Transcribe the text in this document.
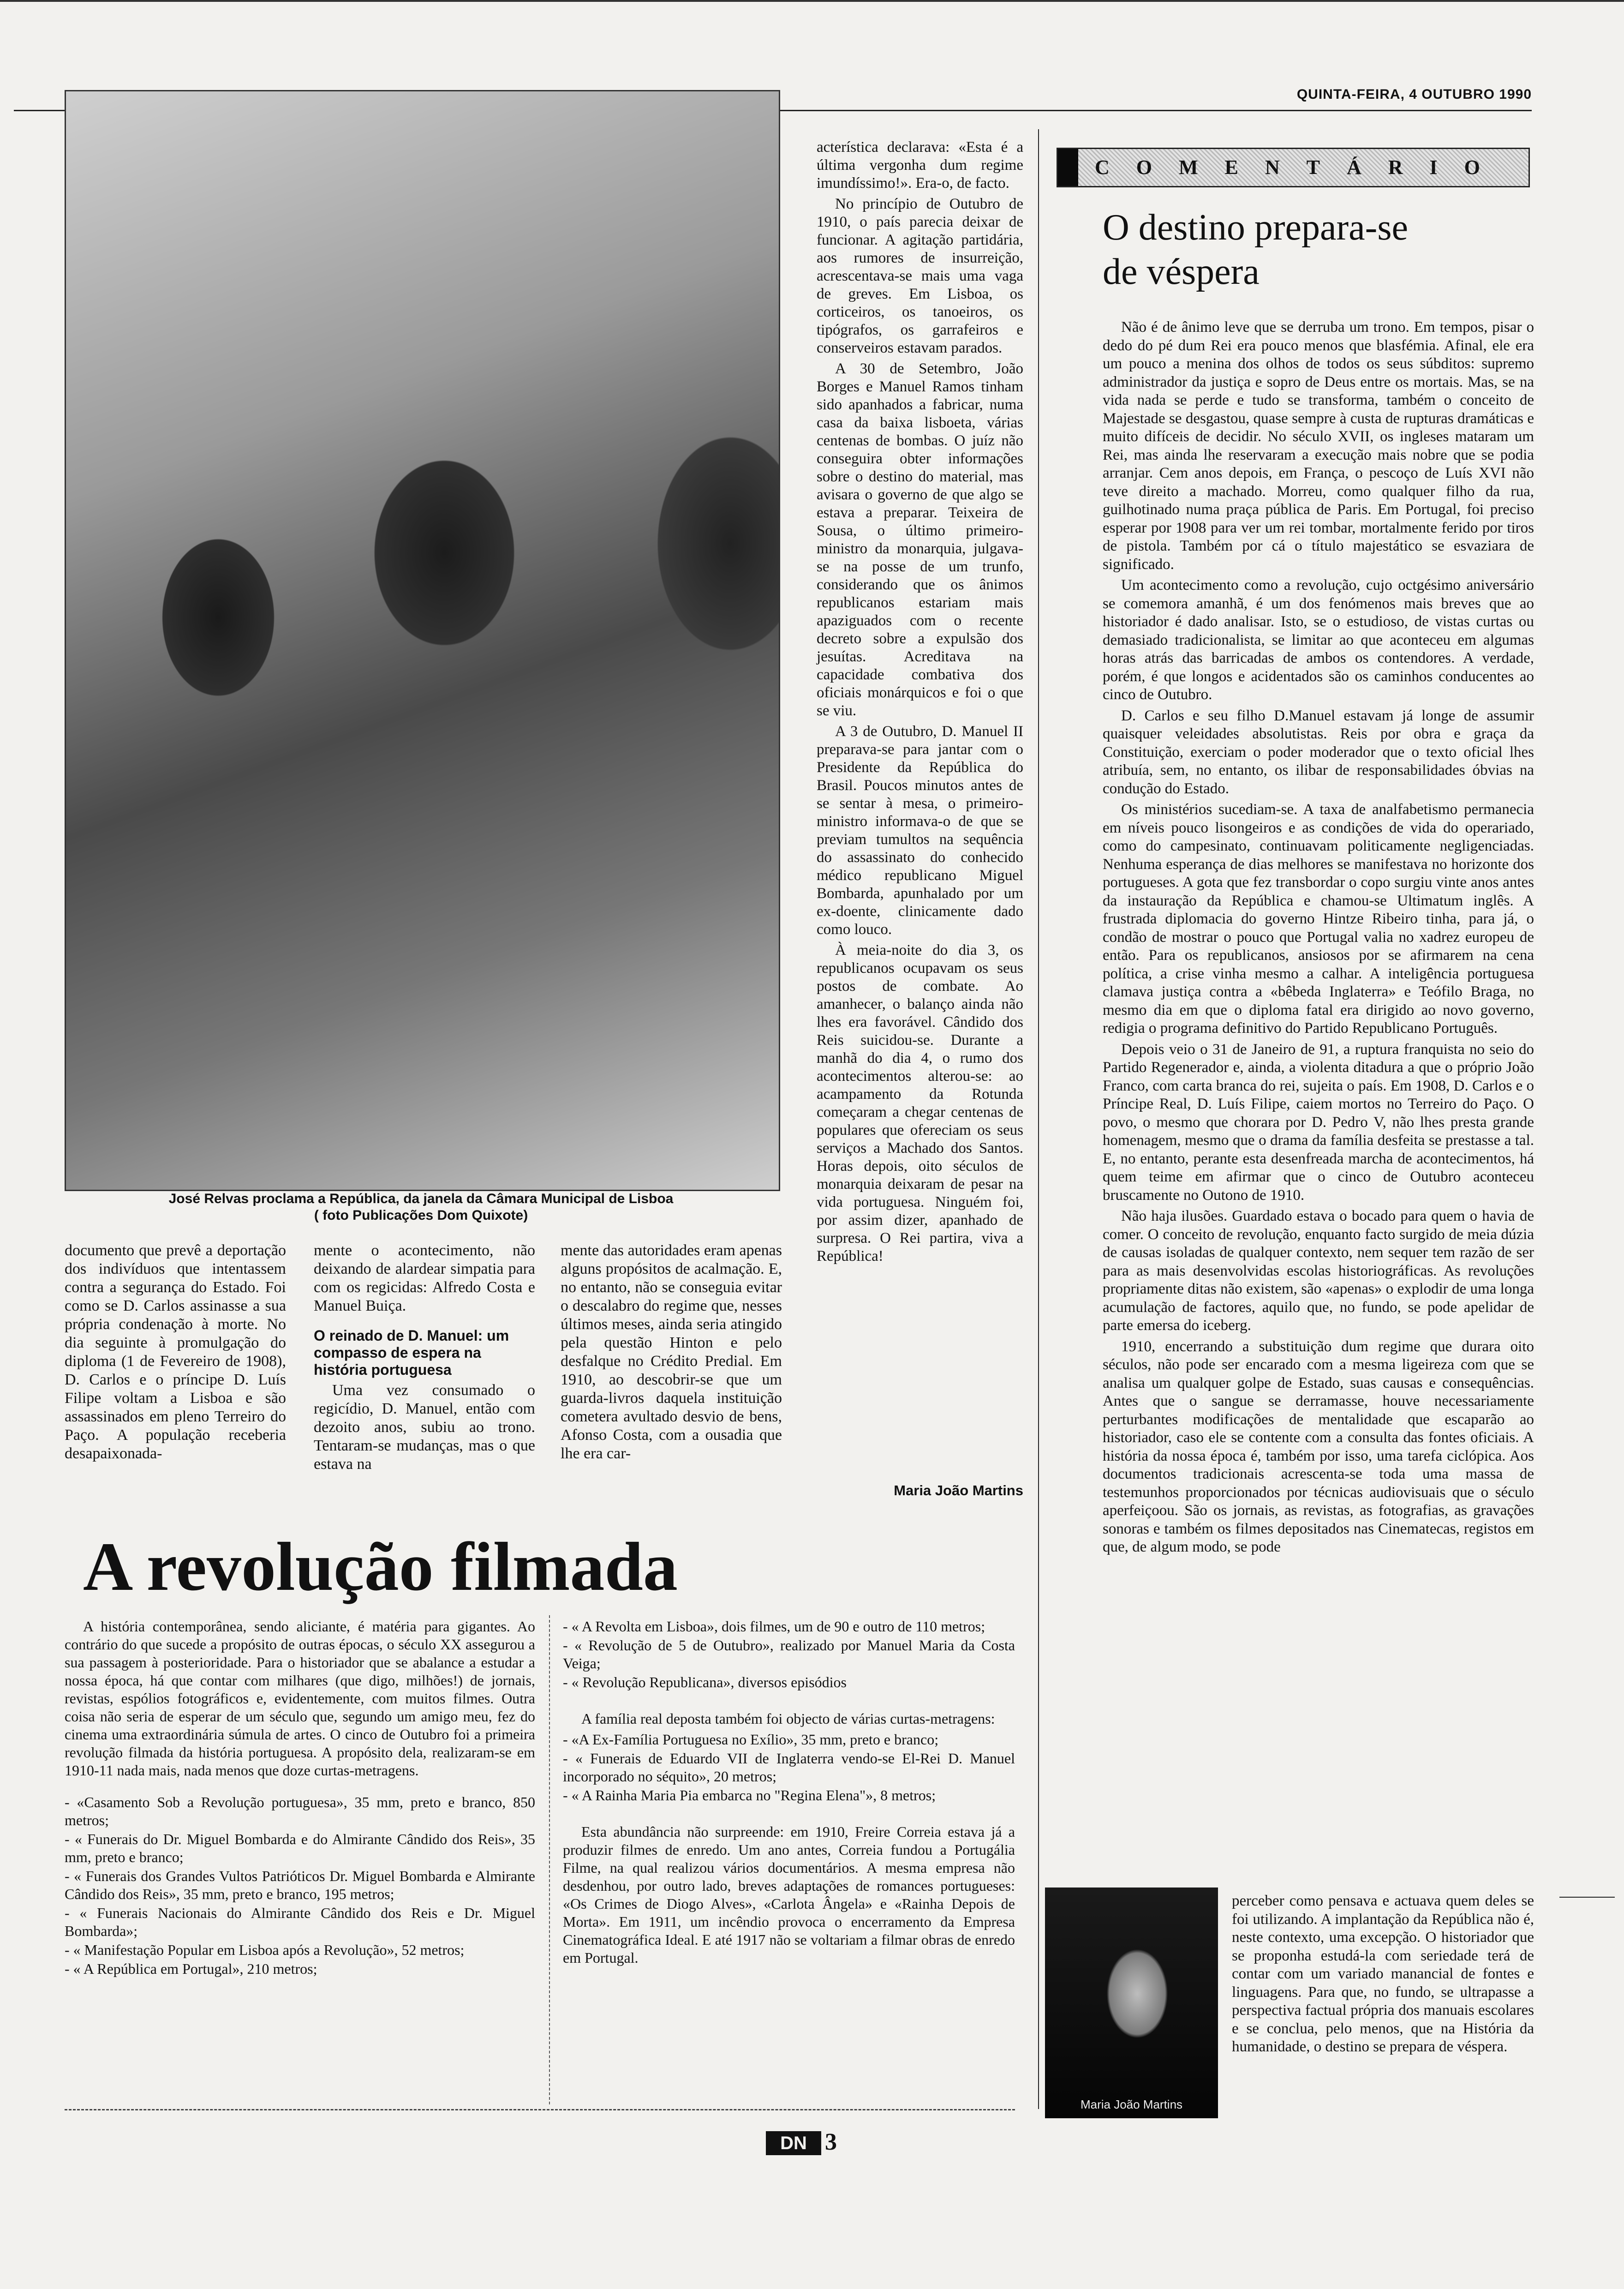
QUINTA-FEIRA, 4 OUTUBRO 1990
José Relvas proclama a República, da janela da Câmara Municipal de Lisboa
( foto Publicações Dom Quixote)

acterística declarava: «Esta é a última vergonha dum regime imundíssimo!». Era-o, de facto.

No princípio de Outubro de 1910, o país parecia deixar de funcionar. A agitação partidária, aos rumores de insurreição, acrescentava-se mais uma vaga de greves. Em Lisboa, os corticeiros, os tanoeiros, os tipógrafos, os garrafeiros e conserveiros estavam parados.

A 30 de Setembro, João Borges e Manuel Ramos tinham sido apanhados a fabricar, numa casa da baixa lisboeta, várias centenas de bombas. O juíz não conseguira obter informações sobre o destino do material, mas avisara o governo de que algo se estava a preparar. Teixeira de Sousa, o último primeiro-ministro da monarquia, julgava-se na posse de um trunfo, considerando que os ânimos republicanos estariam mais apaziguados com o recente decreto sobre a expulsão dos jesuítas. Acreditava na capacidade combativa dos oficiais monárquicos e foi o que se viu.

A 3 de Outubro, D. Manuel II preparava-se para jantar com o Presidente da República do Brasil. Poucos minutos antes de se sentar à mesa, o primeiro-ministro informava-o de que se previam tumultos na sequência do assassinato do conhecido médico republicano Miguel Bombarda, apunhalado por um ex-doente, clinicamente dado como louco.

À meia-noite do dia 3, os republicanos ocupavam os seus postos de combate. Ao amanhecer, o balanço ainda não lhes era favorável. Cândido dos Reis suicidou-se. Durante a manhã do dia 4, o rumo dos acontecimentos alterou-se: ao acampamento da Rotunda começaram a chegar centenas de populares que ofereciam os seus serviços a Machado dos Santos. Horas depois, oito séculos de monarquia deixaram de pesar na vida portuguesa. Ninguém foi, por assim dizer, apanhado de surpresa. O Rei partira, viva a República!

documento que prevê a deportação dos indivíduos que intentassem contra a segurança do Estado. Foi como se D. Carlos assinasse a sua própria condenação à morte. No dia seguinte à promulgação do diploma (1 de Fevereiro de 1908), D. Carlos e o príncipe D. Luís Filipe voltam a Lisboa e são assassinados em pleno Terreiro do Paço. A população receberia desapaixonada-

mente o acontecimento, não deixando de alardear simpatia para com os regicidas: Alfredo Costa e Manuel Buiça.

O reinado de D. Manuel: um compasso de espera na história portuguesa

Uma vez consumado o regicídio, D. Manuel, então com dezoito anos, subiu ao trono. Tentaram-se mudanças, mas o que estava na

mente das autoridades eram apenas alguns propósitos de acalmação. E, no entanto, não se conseguia evitar o descalabro do regime que, nesses últimos meses, ainda seria atingido pela questão Hinton e pelo desfalque no Crédito Predial. Em 1910, ao descobrir-se que um guarda-livros daquela instituição cometera avultado desvio de bens, Afonso Costa, com a ousadia que lhe era car-

Maria João Martins
A revolução filmada

A história contemporânea, sendo aliciante, é matéria para gigantes. Ao contrário do que sucede a propósito de outras épocas, o século XX assegurou a sua passagem à posterioridade. Para o historiador que se abalance a estudar a nossa época, há que contar com milhares (que digo, milhões!) de jornais, revistas, espólios fotográficos e, evidentemente, com muitos filmes. Outra coisa não seria de esperar de um século que, segundo um amigo meu, fez do cinema uma extraordinária súmula de artes. O cinco de Outubro foi a primeira revolução filmada da história portuguesa. A propósito dela, realizaram-se em 1910-11 nada mais, nada menos que doze curtas-metragens.

- «Casamento Sob a Revolução portuguesa», 35 mm, preto e branco, 850 metros;
- « Funerais do Dr. Miguel Bombarda e do Almirante Cândido dos Reis», 35 mm, preto e branco;
- « Funerais dos Grandes Vultos Patrióticos Dr. Miguel Bombarda e Almirante Cândido dos Reis», 35 mm, preto e branco, 195 metros;
- « Funerais Nacionais do Almirante Cândido dos Reis e Dr. Miguel Bombarda»;
- « Manifestação Popular em Lisboa após a Revolução», 52 metros;
- « A República em Portugal», 210 metros;
- « A Revolta em Lisboa», dois filmes, um de 90 e outro de 110 metros;
- « Revolução de 5 de Outubro», realizado por Manuel Maria da Costa Veiga;
- « Revolução Republicana», diversos episódios

A família real deposta também foi objecto de várias curtas-metragens:

- «A Ex-Família Portuguesa no Exílio», 35 mm, preto e branco;
- « Funerais de Eduardo VII de Inglaterra vendo-se El-Rei D. Manuel incorporado no séquito», 20 metros;
- « A Rainha Maria Pia embarca no "Regina Elena"», 8 metros;

Esta abundância não surpreende: em 1910, Freire Correia estava já a produzir filmes de enredo. Um ano antes, Correia fundou a Portugália Filme, na qual realizou vários documentários. A mesma empresa não desdenhou, por outro lado, breves adaptações de romances portugueses: «Os Crimes de Diogo Alves», «Carlota Ângela» e «Rainha Depois de Morta». Em 1911, um incêndio provoca o encerramento da Empresa Cinematográfica Ideal. E até 1917 não se voltariam a filmar obras de enredo em Portugal.

COMENTÁRIO
O destino prepara-se
de véspera

Não é de ânimo leve que se derruba um trono. Em tempos, pisar o dedo do pé dum Rei era pouco menos que blasfémia. Afinal, ele era um pouco a menina dos olhos de todos os seus súbditos: supremo administrador da justiça e sopro de Deus entre os mortais. Mas, se na vida nada se perde e tudo se transforma, também o conceito de Majestade se desgastou, quase sempre à custa de rupturas dramáticas e muito difíceis de decidir. No século XVII, os ingleses mataram um Rei, mas ainda lhe reservaram a execução mais nobre que se podia arranjar. Cem anos depois, em França, o pescoço de Luís XVI não teve direito a machado. Morreu, como qualquer filho da rua, guilhotinado numa praça pública de Paris. Em Portugal, foi preciso esperar por 1908 para ver um rei tombar, mortalmente ferido por tiros de pistola. Também por cá o título majestático se esvaziara de significado.

Um acontecimento como a revolução, cujo octgésimo aniversário se comemora amanhã, é um dos fenómenos mais breves que ao historiador é dado analisar. Isto, se o estudioso, de vistas curtas ou demasiado tradicionalista, se limitar ao que aconteceu em algumas horas atrás das barricadas de ambos os contendores. A verdade, porém, é que longos e acidentados são os caminhos conducentes ao cinco de Outubro.

D. Carlos e seu filho D.Manuel estavam já longe de assumir quaisquer veleidades absolutistas. Reis por obra e graça da Constituição, exerciam o poder moderador que o texto oficial lhes atribuía, sem, no entanto, os ilibar de responsabilidades óbvias na condução do Estado.

Os ministérios sucediam-se. A taxa de analfabetismo permanecia em níveis pouco lisongeiros e as condições de vida do operariado, como do campesinato, continuavam politicamente negligenciadas. Nenhuma esperança de dias melhores se manifestava no horizonte dos portugueses. A gota que fez transbordar o copo surgiu vinte anos antes da instauração da República e chamou-se Ultimatum inglês. A frustrada diplomacia do governo Hintze Ribeiro tinha, para já, o condão de mostrar o pouco que Portugal valia no xadrez europeu de então. Para os republicanos, ansiosos por se afirmarem na cena política, a crise vinha mesmo a calhar. A inteligência portuguesa clamava justiça contra a «bêbeda Inglaterra» e Teófilo Braga, no mesmo dia em que o diploma fatal era dirigido ao novo governo, redigia o programa definitivo do Partido Republicano Português.

Depois veio o 31 de Janeiro de 91, a ruptura franquista no seio do Partido Regenerador e, ainda, a violenta ditadura a que o próprio João Franco, com carta branca do rei, sujeita o país. Em 1908, D. Carlos e o Príncipe Real, D. Luís Filipe, caiem mortos no Terreiro do Paço. O povo, o mesmo que chorara por D. Pedro V, não lhes presta grande homenagem, mesmo que o drama da família desfeita se prestasse a tal. E, no entanto, perante esta desenfreada marcha de acontecimentos, há quem teime em afirmar que o cinco de Outubro aconteceu bruscamente no Outono de 1910.

Não haja ilusões. Guardado estava o bocado para quem o havia de comer. O conceito de revolução, enquanto facto surgido de meia dúzia de causas isoladas de qualquer contexto, nem sequer tem razão de ser para as mais desenvolvidas escolas historiográficas. As revoluções propriamente ditas não existem, são «apenas» o explodir de uma longa acumulação de factores, aquilo que, no fundo, se pode apelidar de parte emersa do iceberg.

1910, encerrando a substituição dum regime que durara oito séculos, não pode ser encarado com a mesma ligeireza com que se analisa um qualquer golpe de Estado, suas causas e consequências. Antes que o sangue se derramasse, houve necessariamente perturbantes modificações de mentalidade que escaparão ao historiador, caso ele se contente com a consulta das fontes oficiais. A história da nossa época é, também por isso, uma tarefa ciclópica. Aos documentos tradicionais acrescenta-se toda uma massa de testemunhos proporcionados por técnicas audiovisuais que o século aperfeiçoou. São os jornais, as revistas, as fotografias, as gravações sonoras e também os filmes depositados nas Cinematecas, registos em que, de algum modo, se pode

Maria João Martins

perceber como pensava e actuava quem deles se foi utilizando. A implantação da República não é, neste contexto, uma excepção. O historiador que se proponha estudá-la com seriedade terá de contar com um variado manancial de fontes e linguagens. Para que, no fundo, se ultrapasse a perspectiva factual própria dos manuais escolares e se conclua, pelo menos, que na História da humanidade, o destino se prepara de véspera.

DN 3
